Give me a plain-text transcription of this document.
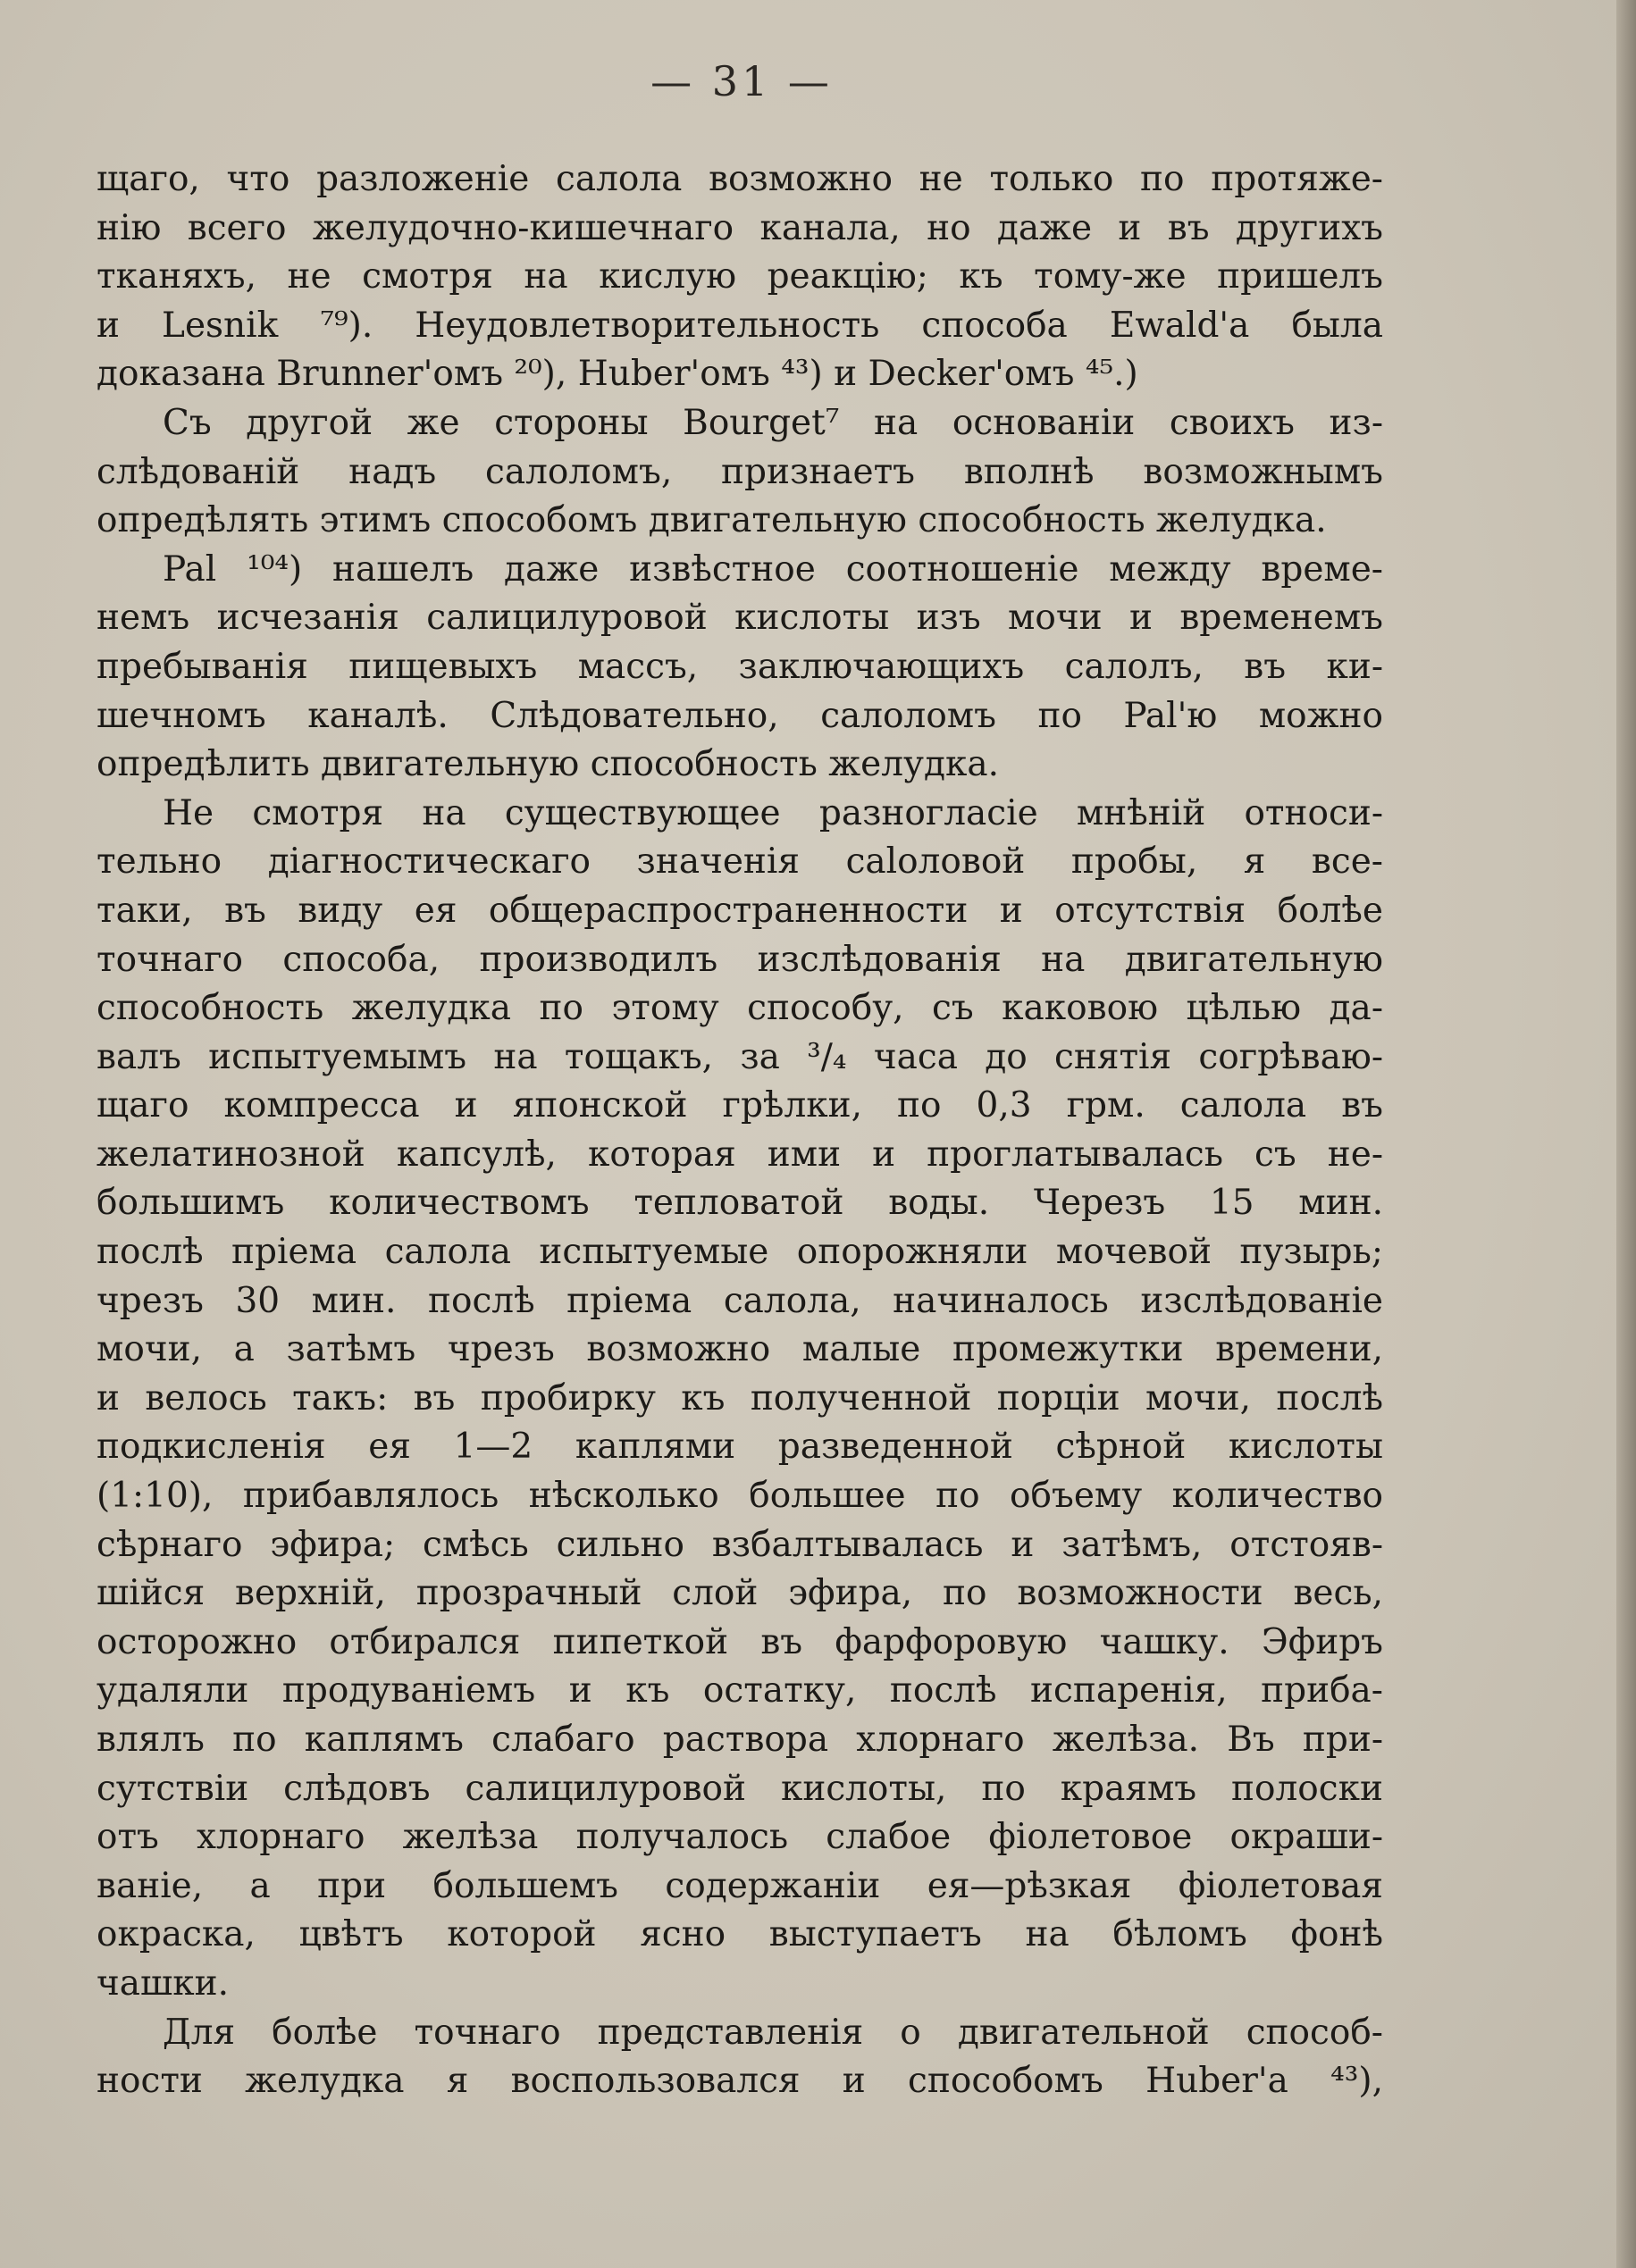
— 31 —
щаго, что разложеніе салола возможно не только по протяже-
нію всего желудочно-кишечнаго канала, но даже и въ другихъ
тканяхъ, не смотря на кислую реакцію; къ тому-же пришелъ
и Lesnik ⁷⁹). Неудовлетворительность способа Ewald'а была
доказана Brunner'омъ ²⁰), Huber'омъ ⁴³) и Decker'омъ ⁴⁵.)
Съ другой же стороны Bourget⁷ на основаніи своихъ из-
слѣдованій надъ салоломъ, признаетъ вполнѣ возможнымъ
опредѣлять этимъ способомъ двигательную способность желудка.
Pal ¹⁰⁴) нашелъ даже извѣстное соотношеніе между време-
немъ исчезанія салицилуровой кислоты изъ мочи и временемъ
пребыванія пищевыхъ массъ, заключающихъ салолъ, въ ки-
шечномъ каналѣ. Слѣдовательно, салоломъ по Pal'ю можно
опредѣлить двигательную способность желудка.
Не смотря на существующее разногласіе мнѣній относи-
тельно діагностическаго значенія саloловой пробы, я все-
таки, въ виду ея общераспространенности и отсутствія болѣе
точнаго способа, производилъ изслѣдованія на двигательную
способность желудка по этому способу, съ каковою цѣлью да-
валъ испытуемымъ на тощакъ, за ³/₄ часа до снятія согрѣваю-
щаго компресса и японской грѣлки, по 0,3 грм. салола въ
желатинозной капсулѣ, которая ими и проглатывалась съ не-
большимъ количествомъ тепловатой воды. Черезъ 15 мин.
послѣ пріема салола испытуемые опорожняли мочевой пузырь;
чрезъ 30 мин. послѣ пріема салола, начиналось изслѣдованіе
мочи, а затѣмъ чрезъ возможно малые промежутки времени,
и велось такъ: въ пробирку къ полученной порціи мочи, послѣ
подкисленія ея 1—2 каплями разведенной сѣрной кислоты
(1:10), прибавлялось нѣсколько большее по объему количество
сѣрнаго эфира; смѣсь сильно взбалтывалась и затѣмъ, отстояв-
шійся верхній, прозрачный слой эфира, по возможности весь,
осторожно отбирался пипеткой въ фарфоровую чашку. Эфиръ
удаляли продуваніемъ и къ остатку, послѣ испаренія, приба-
влялъ по каплямъ слабаго раствора хлорнаго желѣза. Въ при-
сутствіи слѣдовъ салицилуровой кислоты, по краямъ полоски
отъ хлорнаго желѣза получалось слабое фіолетовое окраши-
ваніе, а при большемъ содержаніи ея—рѣзкая фіолетовая
окраска, цвѣтъ которой ясно выступаетъ на бѣломъ фонѣ
чашки.
Для болѣе точнаго представленія о двигательной способ-
ности желудка я воспользовался и способомъ Huber'а ⁴³),
